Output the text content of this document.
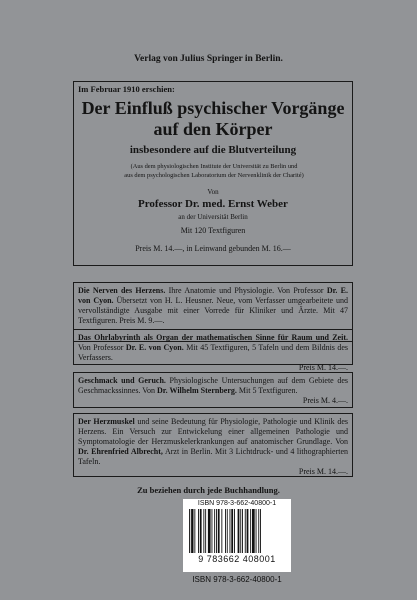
Verlag von Julius Springer in Berlin.
Im Februar 1910 erschien:
Der Einfluß psychischer Vorgänge
auf den Körper
insbesondere auf die Blutverteilung
(Aus dem physiologischen Institute der Universität zu Berlin und
aus dem psychologischen Laboratorium der Nervenklinik der Charité)
Von
Professor Dr. med. Ernst Weber
an der Universität Berlin
Mit 120 Textfiguren
Preis M. 14.—, in Leinwand gebunden M. 16.—
Die Nerven des Herzens. Ihre Anatomie und Physiologie. Von Professor Dr. E. von Cyon. Übersetzt von H. L. Heusner. Neue, vom Verfasser umgearbeitete und vervollständigte Ausgabe mit einer Vorrede für Kliniker und Ärzte. Mit 47 Textfiguren. Preis M. 9.—.
Das Ohrlabyrinth als Organ der mathematischen Sinne für Raum und Zeit. Von Professor Dr. E. von Cyon. Mit 45 Textfiguren, 5 Tafeln und dem Bildnis des Verfassers.
Preis M. 14.—.
Geschmack und Geruch. Physiologische Untersuchungen auf dem Gebiete des Geschmackssinnes. Von Dr. Wilhelm Sternberg. Mit 5 Textfiguren.
Preis M. 4.—.
Der Herzmuskel und seine Bedeutung für Physiologie, Pathologie und Klinik des Herzens. Ein Versuch zur Entwickelung einer allgemeinen Pathologie und Symptomatologie der Herzmuskelerkrankungen auf anatomischer Grundlage. Von Dr. Ehrenfried Albrecht, Arzt in Berlin. Mit 3 Lichtdruck- und 4 lithographierten Tafeln.
Preis M. 14.—.
Zu beziehen durch jede Buchhandlung.
ISBN 978-3-662-40800-1
9 783662 408001
ISBN 978-3-662-40800-1
